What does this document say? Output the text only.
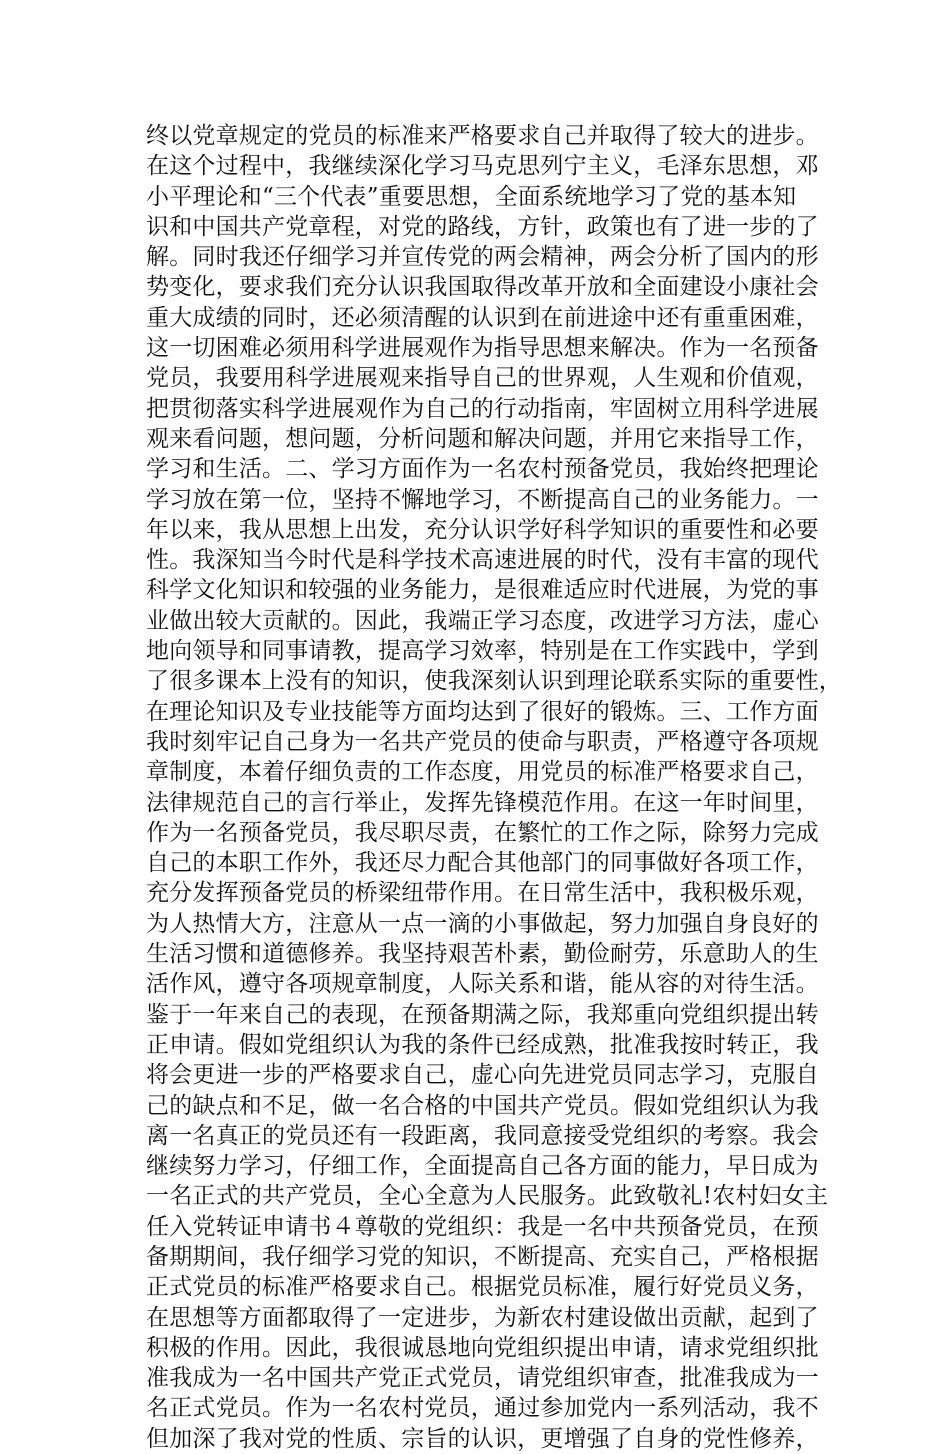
终以党章规定的党员的标准来严格要求自己并取得了较大的进步。
在这个过程中，我继续深化学习马克思列宁主义，毛泽东思想，邓
小平理论和“三个代表”重要思想，全面系统地学习了党的基本知
识和中国共产党章程，对党的路线，方针，政策也有了进一步的了
解。同时我还仔细学习并宣传党的两会精神，两会分析了国内的形
势变化，要求我们充分认识我国取得改革开放和全面建设小康社会
重大成绩的同时，还必须清醒的认识到在前进途中还有重重困难，
这一切困难必须用科学进展观作为指导思想来解决。作为一名预备
党员，我要用科学进展观来指导自己的世界观，人生观和价值观，
把贯彻落实科学进展观作为自己的行动指南，牢固树立用科学进展
观来看问题，想问题，分析问题和解决问题，并用它来指导工作，
学习和生活。二、学习方面作为一名农村预备党员，我始终把理论
学习放在第一位，坚持不懈地学习，不断提高自己的业务能力。一
年以来，我从思想上出发，充分认识学好科学知识的重要性和必要
性。我深知当今时代是科学技术高速进展的时代，没有丰富的现代
科学文化知识和较强的业务能力，是很难适应时代进展，为党的事
业做出较大贡献的。因此，我端正学习态度，改进学习方法，虚心
地向领导和同事请教，提高学习效率，特别是在工作实践中，学到
了很多课本上没有的知识，使我深刻认识到理论联系实际的重要性，
在理论知识及专业技能等方面均达到了很好的锻炼。三、工作方面
我时刻牢记自己身为一名共产党员的使命与职责，严格遵守各项规
章制度，本着仔细负责的工作态度，用党员的标准严格要求自己，
法律规范自己的言行举止，发挥先锋模范作用。在这一年时间里，
作为一名预备党员，我尽职尽责，在繁忙的工作之际，除努力完成
自己的本职工作外，我还尽力配合其他部门的同事做好各项工作，
充分发挥预备党员的桥梁纽带作用。在日常生活中，我积极乐观，
为人热情大方，注意从一点一滴的小事做起，努力加强自身良好的
生活习惯和道德修养。我坚持艰苦朴素，勤俭耐劳，乐意助人的生
活作风，遵守各项规章制度，人际关系和谐，能从容的对待生活。
鉴于一年来自己的表现，在预备期满之际，我郑重向党组织提出转
正申请。假如党组织认为我的条件已经成熟，批准我按时转正，我
将会更进一步的严格要求自己，虚心向先进党员同志学习，克服自
己的缺点和不足，做一名合格的中国共产党员。假如党组织认为我
离一名真正的党员还有一段距离，我同意接受党组织的考察。我会
继续努力学习，仔细工作，全面提高自己各方面的能力，早日成为
一名正式的共产党员，全心全意为人民服务。此致敬礼!农村妇女主
任入党转证申请书４尊敬的党组织：我是一名中共预备党员，在预
备期期间，我仔细学习党的知识，不断提高、充实自己，严格根据
正式党员的标准严格要求自己。根据党员标准，履行好党员义务，
在思想等方面都取得了一定进步，为新农村建设做出贡献，起到了
积极的作用。因此，我很诚恳地向党组织提出申请，请求党组织批
准我成为一名中国共产党正式党员，请党组织审查，批准我成为一
名正式党员。作为一名农村党员，通过参加党内一系列活动，我不
但加深了我对党的性质、宗旨的认识，更增强了自身的党性修养，
